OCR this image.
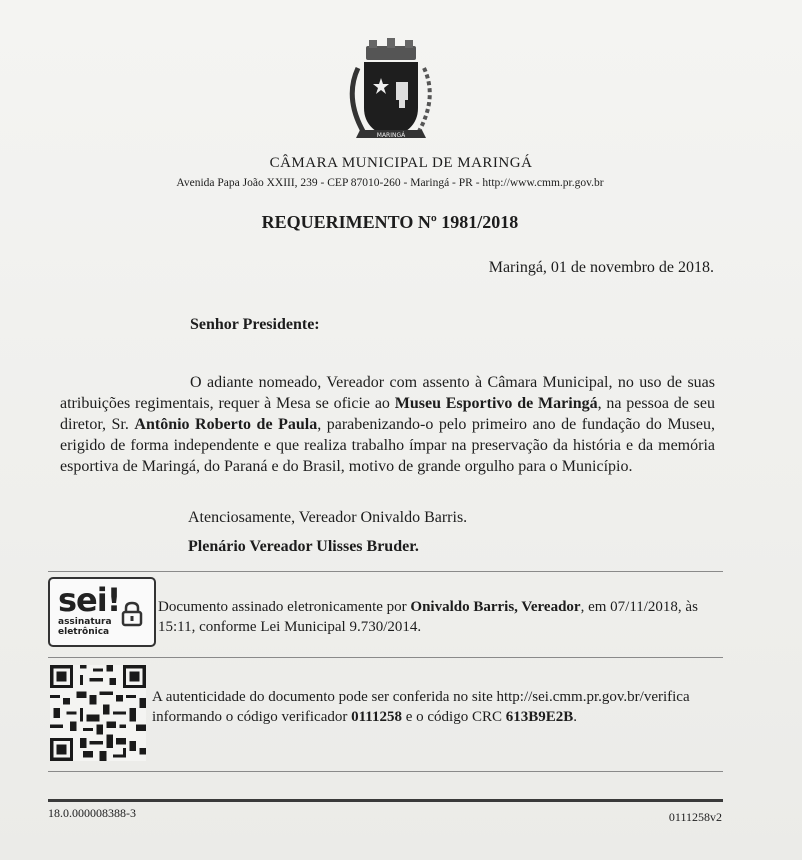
MARINGÁ
CÂMARA MUNICIPAL DE MARINGÁ
Avenida Papa João XXIII, 239 - CEP 87010-260 - Maringá - PR - http://www.cmm.pr.gov.br
REQUERIMENTO Nº 1981/2018
Maringá, 01 de novembro de 2018.
Senhor Presidente:
O adiante nomeado, Vereador com assento à Câmara Municipal, no uso de suas atribuições regimentais, requer à Mesa se oficie ao Museu Esportivo de Maringá, na pessoa de seu diretor, Sr. Antônio Roberto de Paula, parabenizando-o pelo primeiro ano de fundação do Museu, erigido de forma independente e que realiza trabalho ímpar na preservação da história e da memória esportiva de Maringá, do Paraná e do Brasil, motivo de grande orgulho para o Município.
Atenciosamente, Vereador Onivaldo Barris.
Plenário Vereador Ulisses Bruder.
sei!
assinatura
eletrônica
Documento assinado eletronicamente por Onivaldo Barris, Vereador, em 07/11/2018, às 15:11, conforme Lei Municipal 9.730/2014.
A autenticidade do documento pode ser conferida no site http://sei.cmm.pr.gov.br/verifica informando o código verificador 0111258 e o código CRC 613B9E2B.
18.0.000008388-3	0111258v2
